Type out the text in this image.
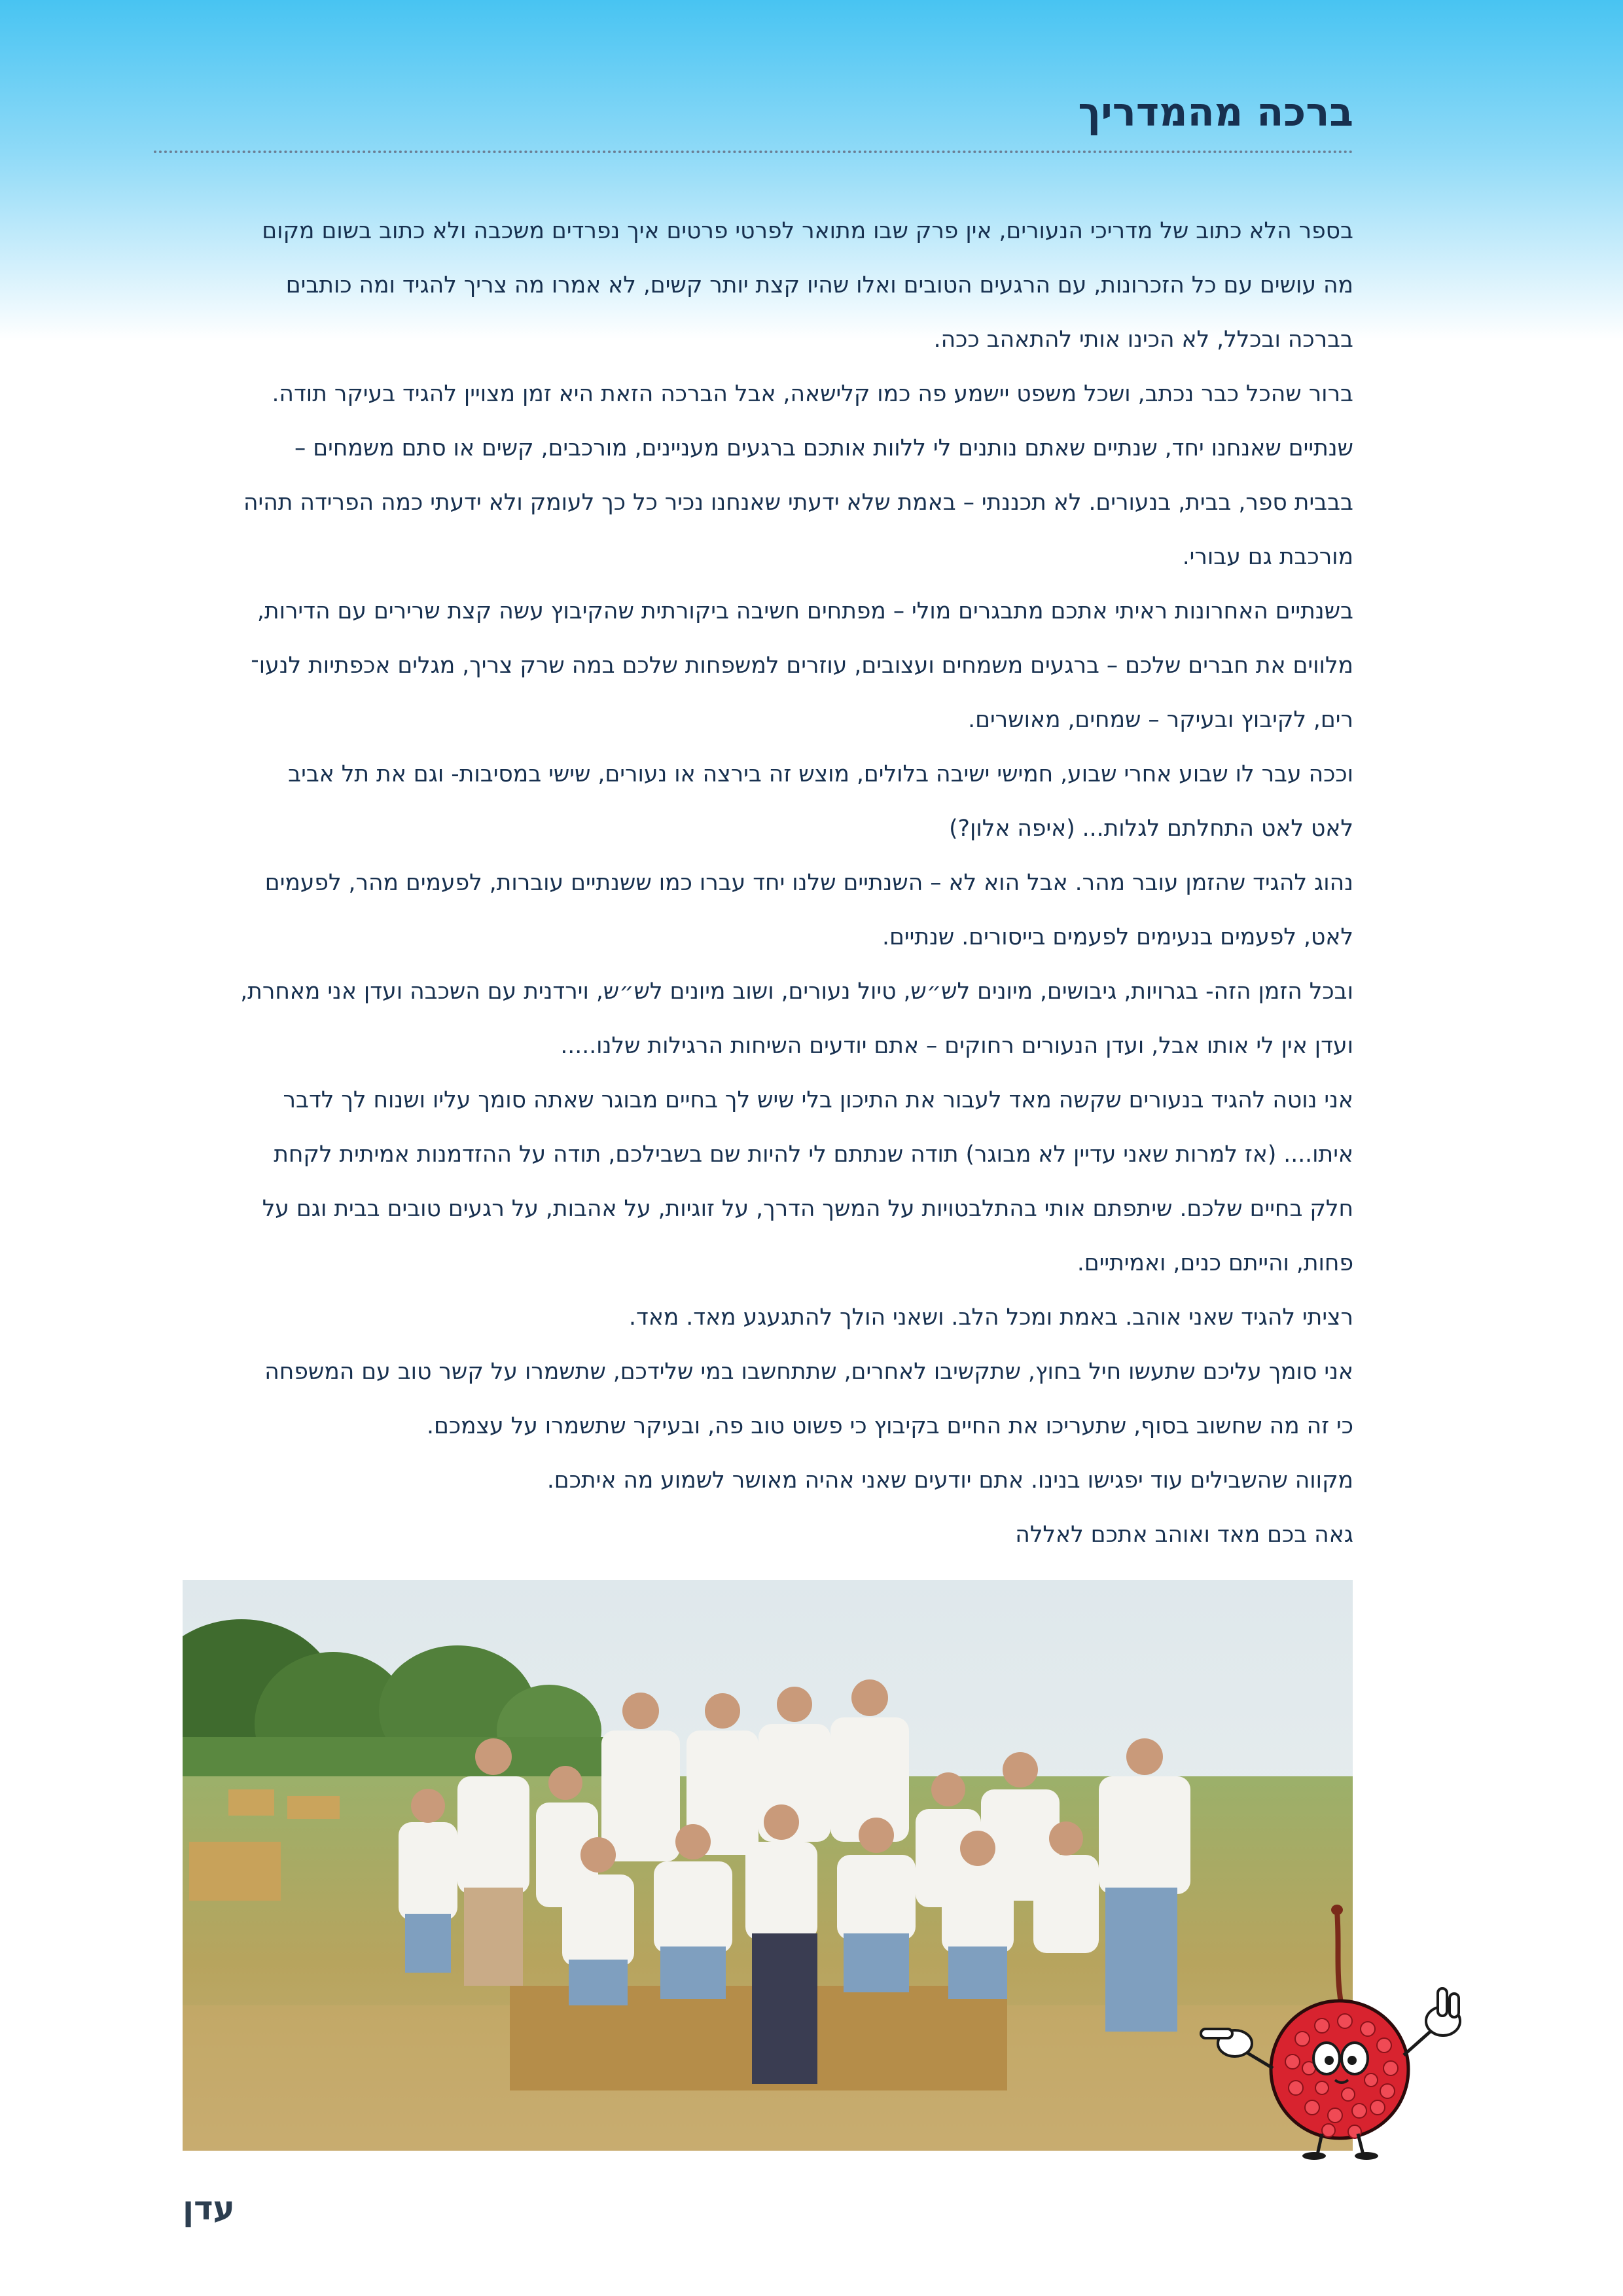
ברכה מהמדריך
בספר הלא כתוב של מדריכי הנעורים, אין פרק שבו מתואר לפרטי פרטים איך נפרדים משכבה ולא כתוב בשום מקום
מה עושים עם כל הזכרונות, עם הרגעים הטובים ואלו שהיו קצת יותר קשים, לא אמרו מה צריך להגיד ומה כותבים
בברכה ובכלל, לא הכינו אותי להתאהב ככה.
ברור שהכל כבר נכתב, ושכל משפט יישמע פה כמו קלישאה, אבל הברכה הזאת היא זמן מצויין להגיד בעיקר תודה.
שנתיים שאנחנו יחד, שנתיים שאתם נותנים לי ללוות אותכם ברגעים מעניינים, מורכבים, קשים או סתם משמחים –
בבבית ספר, בבית, בנעורים. לא תכננתי – באמת שלא ידעתי שאנחנו נכיר כל כך לעומק ולא ידעתי כמה הפרידה תהיה
מורכבת גם עבורי.
בשנתיים האחרונות ראיתי אתכם מתבגרים מולי – מפתחים חשיבה ביקורתית שהקיבוץ עשה קצת שרירים עם הדירות,
מלווים את חברים שלכם – ברגעים משמחים ועצובים, עוזרים למשפחות שלכם במה שרק צריך, מגלים אכפתיות לנעו־
רים, לקיבוץ ובעיקר – שמחים, מאושרים.
וככה עבר לו שבוע אחרי שבוע, חמישי ישיבה בלולים, מוצש זה בירצה או נעורים, שישי במסיבות- וגם את תל אביב
לאט לאט התחלתם לגלות... (איפה אלון?)
נהוג להגיד שהזמן עובר מהר. אבל הוא לא – השנתיים שלנו יחד עברו כמו ששנתיים עוברות, לפעמים מהר, לפעמים
לאט, לפעמים בנעימים לפעמים בייסורים. שנתיים.
ובכל הזמן הזה- בגרויות, גיבושים, מיונים לש״ש, טיול נעורים, ושוב מיונים לש״ש, וירדנית עם השכבה ועדן אני מאחרת,
ועדן אין לי אותו אבל, ועדן הנעורים רחוקים – אתם יודעים השיחות הרגילות שלנו.....
אני נוטה להגיד בנעורים שקשה מאד לעבור את התיכון בלי שיש לך בחיים מבוגר שאתה סומך עליו ושנוח לך לדבר
איתו.... (אז למרות שאני עדיין לא מבוגר) תודה שנתתם לי להיות שם בשבילכם, תודה על ההזדמנות אמיתית לקחת
חלק בחיים שלכם. שיתפתם אותי בהתלבטויות על המשך הדרך, על זוגיות, על אהבות, על רגעים טובים בבית וגם על
פחות, והייתם כנים, ואמיתיים.
רציתי להגיד שאני אוהב. באמת ומכל הלב. ושאני הולך להתגעגע מאד. מאד.
אני סומך עליכם שתעשו חיל בחוץ, שתקשיבו לאחרים, שתתחשבו במי שלידכם, שתשמרו על קשר טוב עם המשפחה
כי זה מה שחשוב בסוף, שתעריכו את החיים בקיבוץ כי פשוט טוב פה, ובעיקר שתשמרו על עצמכם.
מקווה שהשבילים עוד יפגישו בנינו. אתם יודעים שאני אהיה מאושר לשמוע מה איתכם.
גאה בכם מאד ואוהב אתכם לאללה
עדן
